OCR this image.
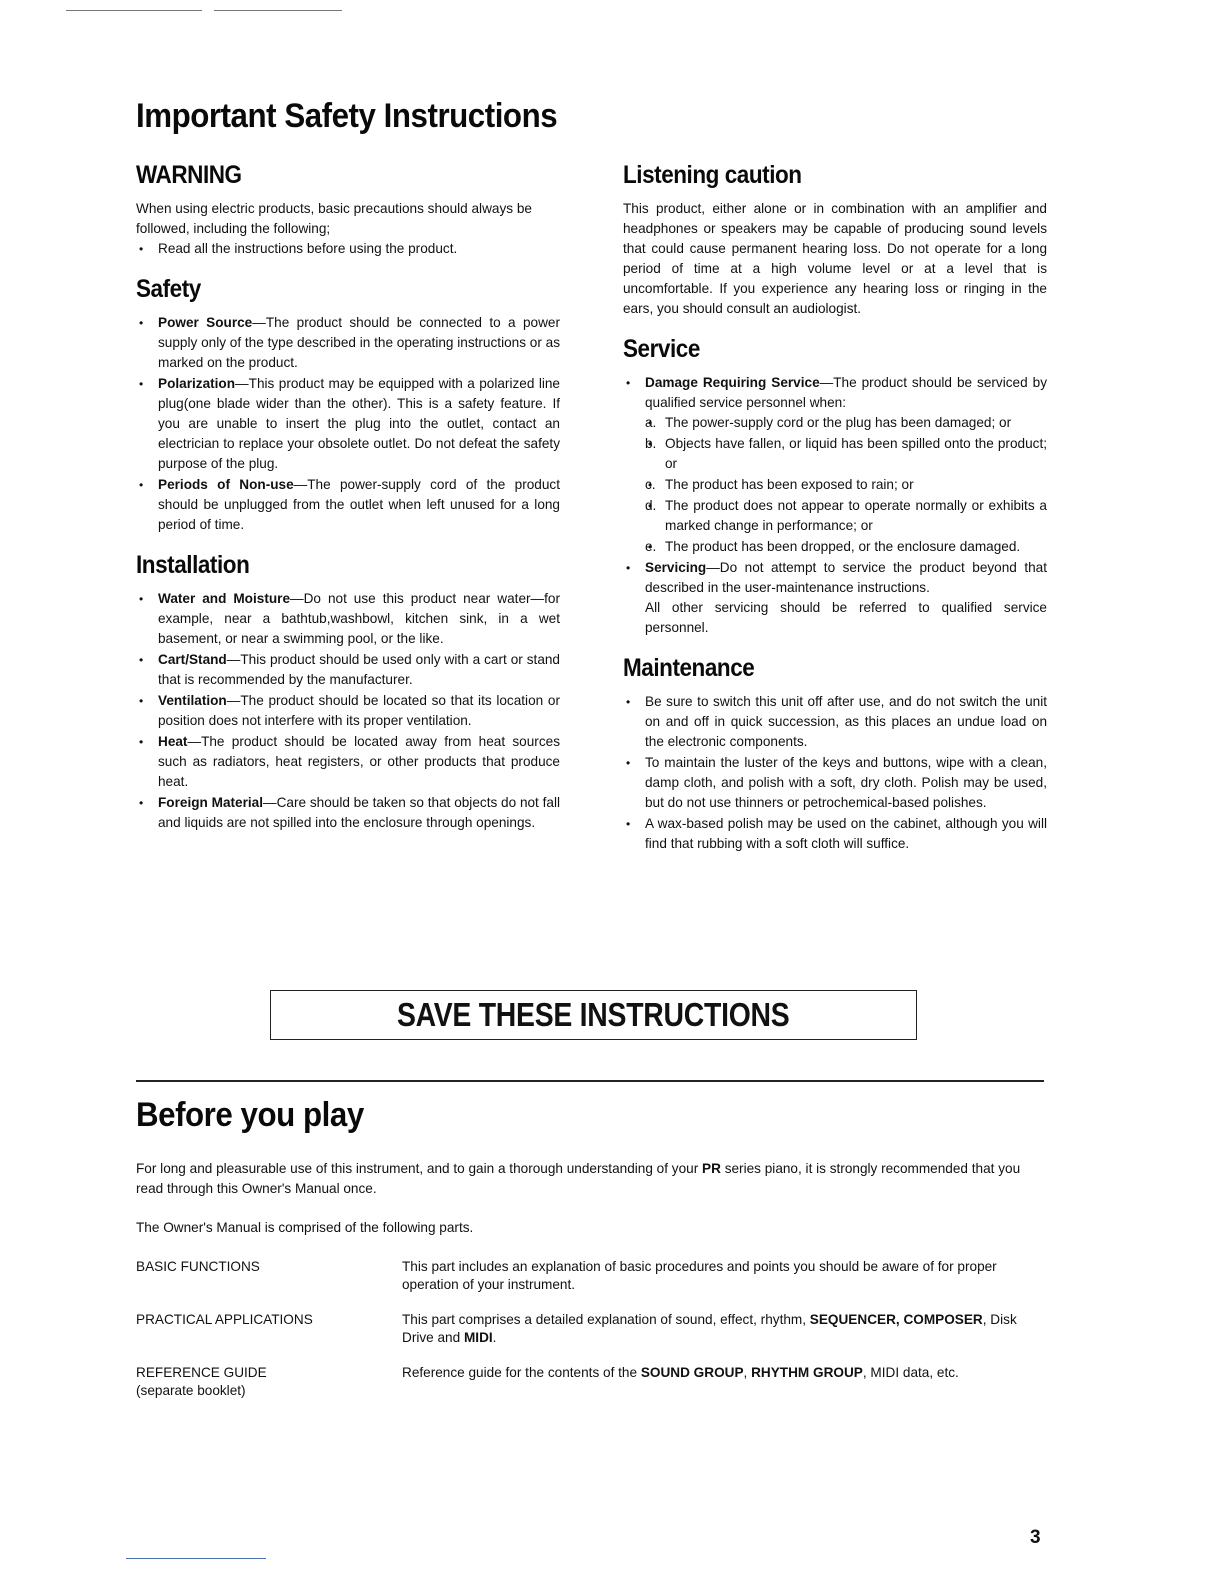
Important Safety Instructions
WARNING

When using electric products, basic precautions should always be followed, including the following;

• Read all the instructions before using the product.
Safety
• Power Source—The product should be connected to a power supply only of the type described in the operating instructions or as marked on the product.
• Polarization—This product may be equipped with a polarized line plug(one blade wider than the other). This is a safety feature. If you are unable to insert the plug into the outlet, contact an electrician to replace your obsolete outlet. Do not defeat the safety purpose of the plug.
• Periods of Non-use—The power-supply cord of the product should be unplugged from the outlet when left unused for a long period of time.
Installation
• Water and Moisture—Do not use this product near water—for example, near a bathtub,washbowl, kitchen sink, in a wet basement, or near a swimming pool, or the like.
• Cart/Stand—This product should be used only with a cart or stand that is recommended by the manufacturer.
• Ventilation—The product should be located so that its location or position does not interfere with its proper ventilation.
• Heat—The product should be located away from heat sources such as radiators, heat registers, or other products that produce heat.
• Foreign Material—Care should be taken so that objects do not fall and liquids are not spilled into the enclosure through openings.
Listening caution

This product, either alone or in combination with an amplifier and headphones or speakers may be capable of producing sound levels that could cause permanent hearing loss. Do not operate for a long period of time at a high volume level or at a level that is uncomfortable. If you experience any hearing loss or ringing in the ears, you should consult an audiologist.

Service
• Damage Requiring Service—The product should be serviced by qualified service personnel when:
• a. The power-supply cord or the plug has been damaged; or
• b. Objects have fallen, or liquid has been spilled onto the product; or
• c. The product has been exposed to rain; or
• d. The product does not appear to operate normally or exhibits a marked change in performance; or
• e. The product has been dropped, or the enclosure damaged.
• Servicing—Do not attempt to service the product beyond that described in the user-maintenance instructions.
All other servicing should be referred to qualified service personnel.
Maintenance
• Be sure to switch this unit off after use, and do not switch the unit on and off in quick succession, as this places an undue load on the electronic components.
• To maintain the luster of the keys and buttons, wipe with a clean, damp cloth, and polish with a soft, dry cloth. Polish may be used, but do not use thinners or petrochemical-based polishes.
• A wax-based polish may be used on the cabinet, although you will find that rubbing with a soft cloth will suffice.
SAVE THESE INSTRUCTIONS
Before you play

For long and pleasurable use of this instrument, and to gain a thorough understanding of your PR series piano, it is strongly recommended that you read through this Owner's Manual once.

The Owner's Manual is comprised of the following parts.

BASIC FUNCTIONS	This part includes an explanation of basic procedures and points you should be aware of for proper operation of your instrument.
PRACTICAL APPLICATIONS	This part comprises a detailed explanation of sound, effect, rhythm, SEQUENCER, COMPOSER, Disk Drive and MIDI.
REFERENCE GUIDE
(separate booklet)
Reference guide for the contents of the SOUND GROUP, RHYTHM GROUP, MIDI data, etc.
3
